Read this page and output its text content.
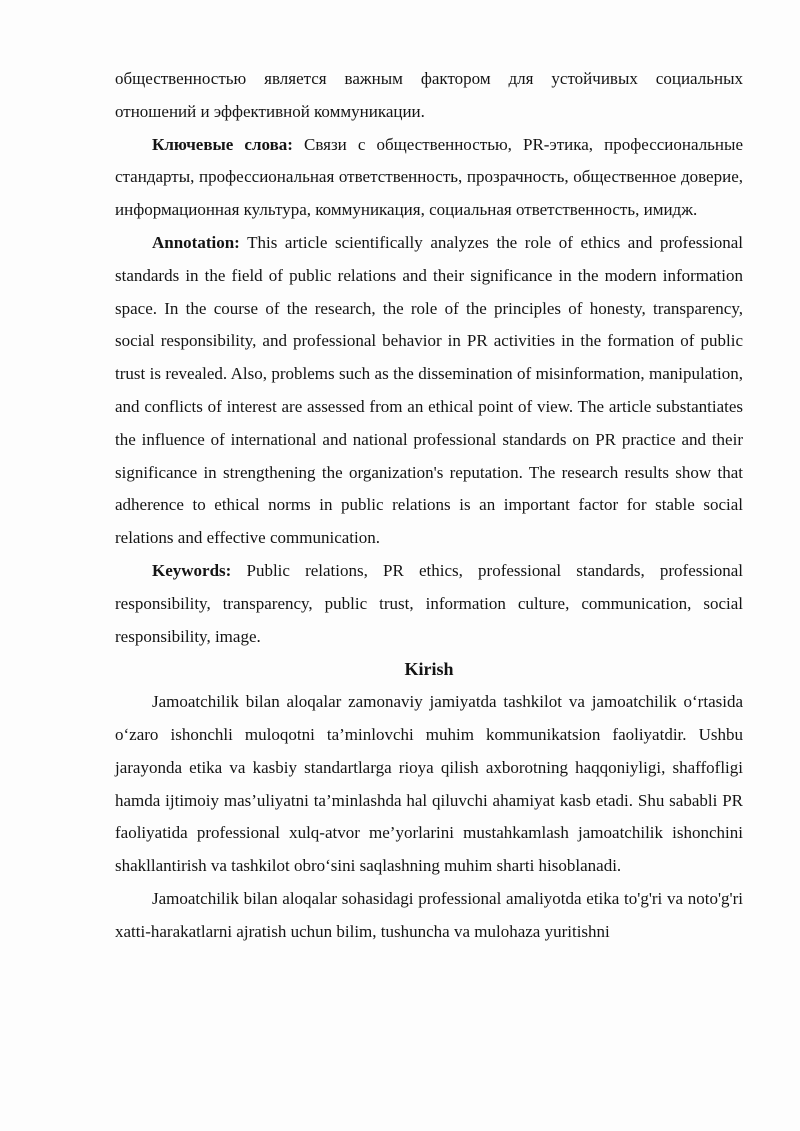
общественностью является важным фактором для устойчивых социальных отношений и эффективной коммуникации.

Ключевые слова: Связи с общественностью, PR-этика, профессиональные стандарты, профессиональная ответственность, прозрачность, общественное доверие, информационная культура, коммуникация, социальная ответственность, имидж.

Annotation: This article scientifically analyzes the role of ethics and professional standards in the field of public relations and their significance in the modern information space. In the course of the research, the role of the principles of honesty, transparency, social responsibility, and professional behavior in PR activities in the formation of public trust is revealed. Also, problems such as the dissemination of misinformation, manipulation, and conflicts of interest are assessed from an ethical point of view. The article substantiates the influence of international and national professional standards on PR practice and their significance in strengthening the organization's reputation. The research results show that adherence to ethical norms in public relations is an important factor for stable social relations and effective communication.

Keywords: Public relations, PR ethics, professional standards, professional responsibility, transparency, public trust, information culture, communication, social responsibility, image.

Kirish

Jamoatchilik bilan aloqalar zamonaviy jamiyatda tashkilot va jamoatchilik o‘rtasida o‘zaro ishonchli muloqotni ta’minlovchi muhim kommunikatsion faoliyatdir. Ushbu jarayonda etika va kasbiy standartlarga rioya qilish axborotning haqqoniyligi, shaffofligi hamda ijtimoiy mas’uliyatni ta’minlashda hal qiluvchi ahamiyat kasb etadi. Shu sababli PR faoliyatida professional xulq-atvor me’yorlarini mustahkamlash jamoatchilik ishonchini shakllantirish va tashkilot obro‘sini saqlashning muhim sharti hisoblanadi.

Jamoatchilik bilan aloqalar sohasidagi professional amaliyotda etika to'g'ri va noto'g'ri xatti-harakatlarni ajratish uchun bilim, tushuncha va mulohaza yuritishni
